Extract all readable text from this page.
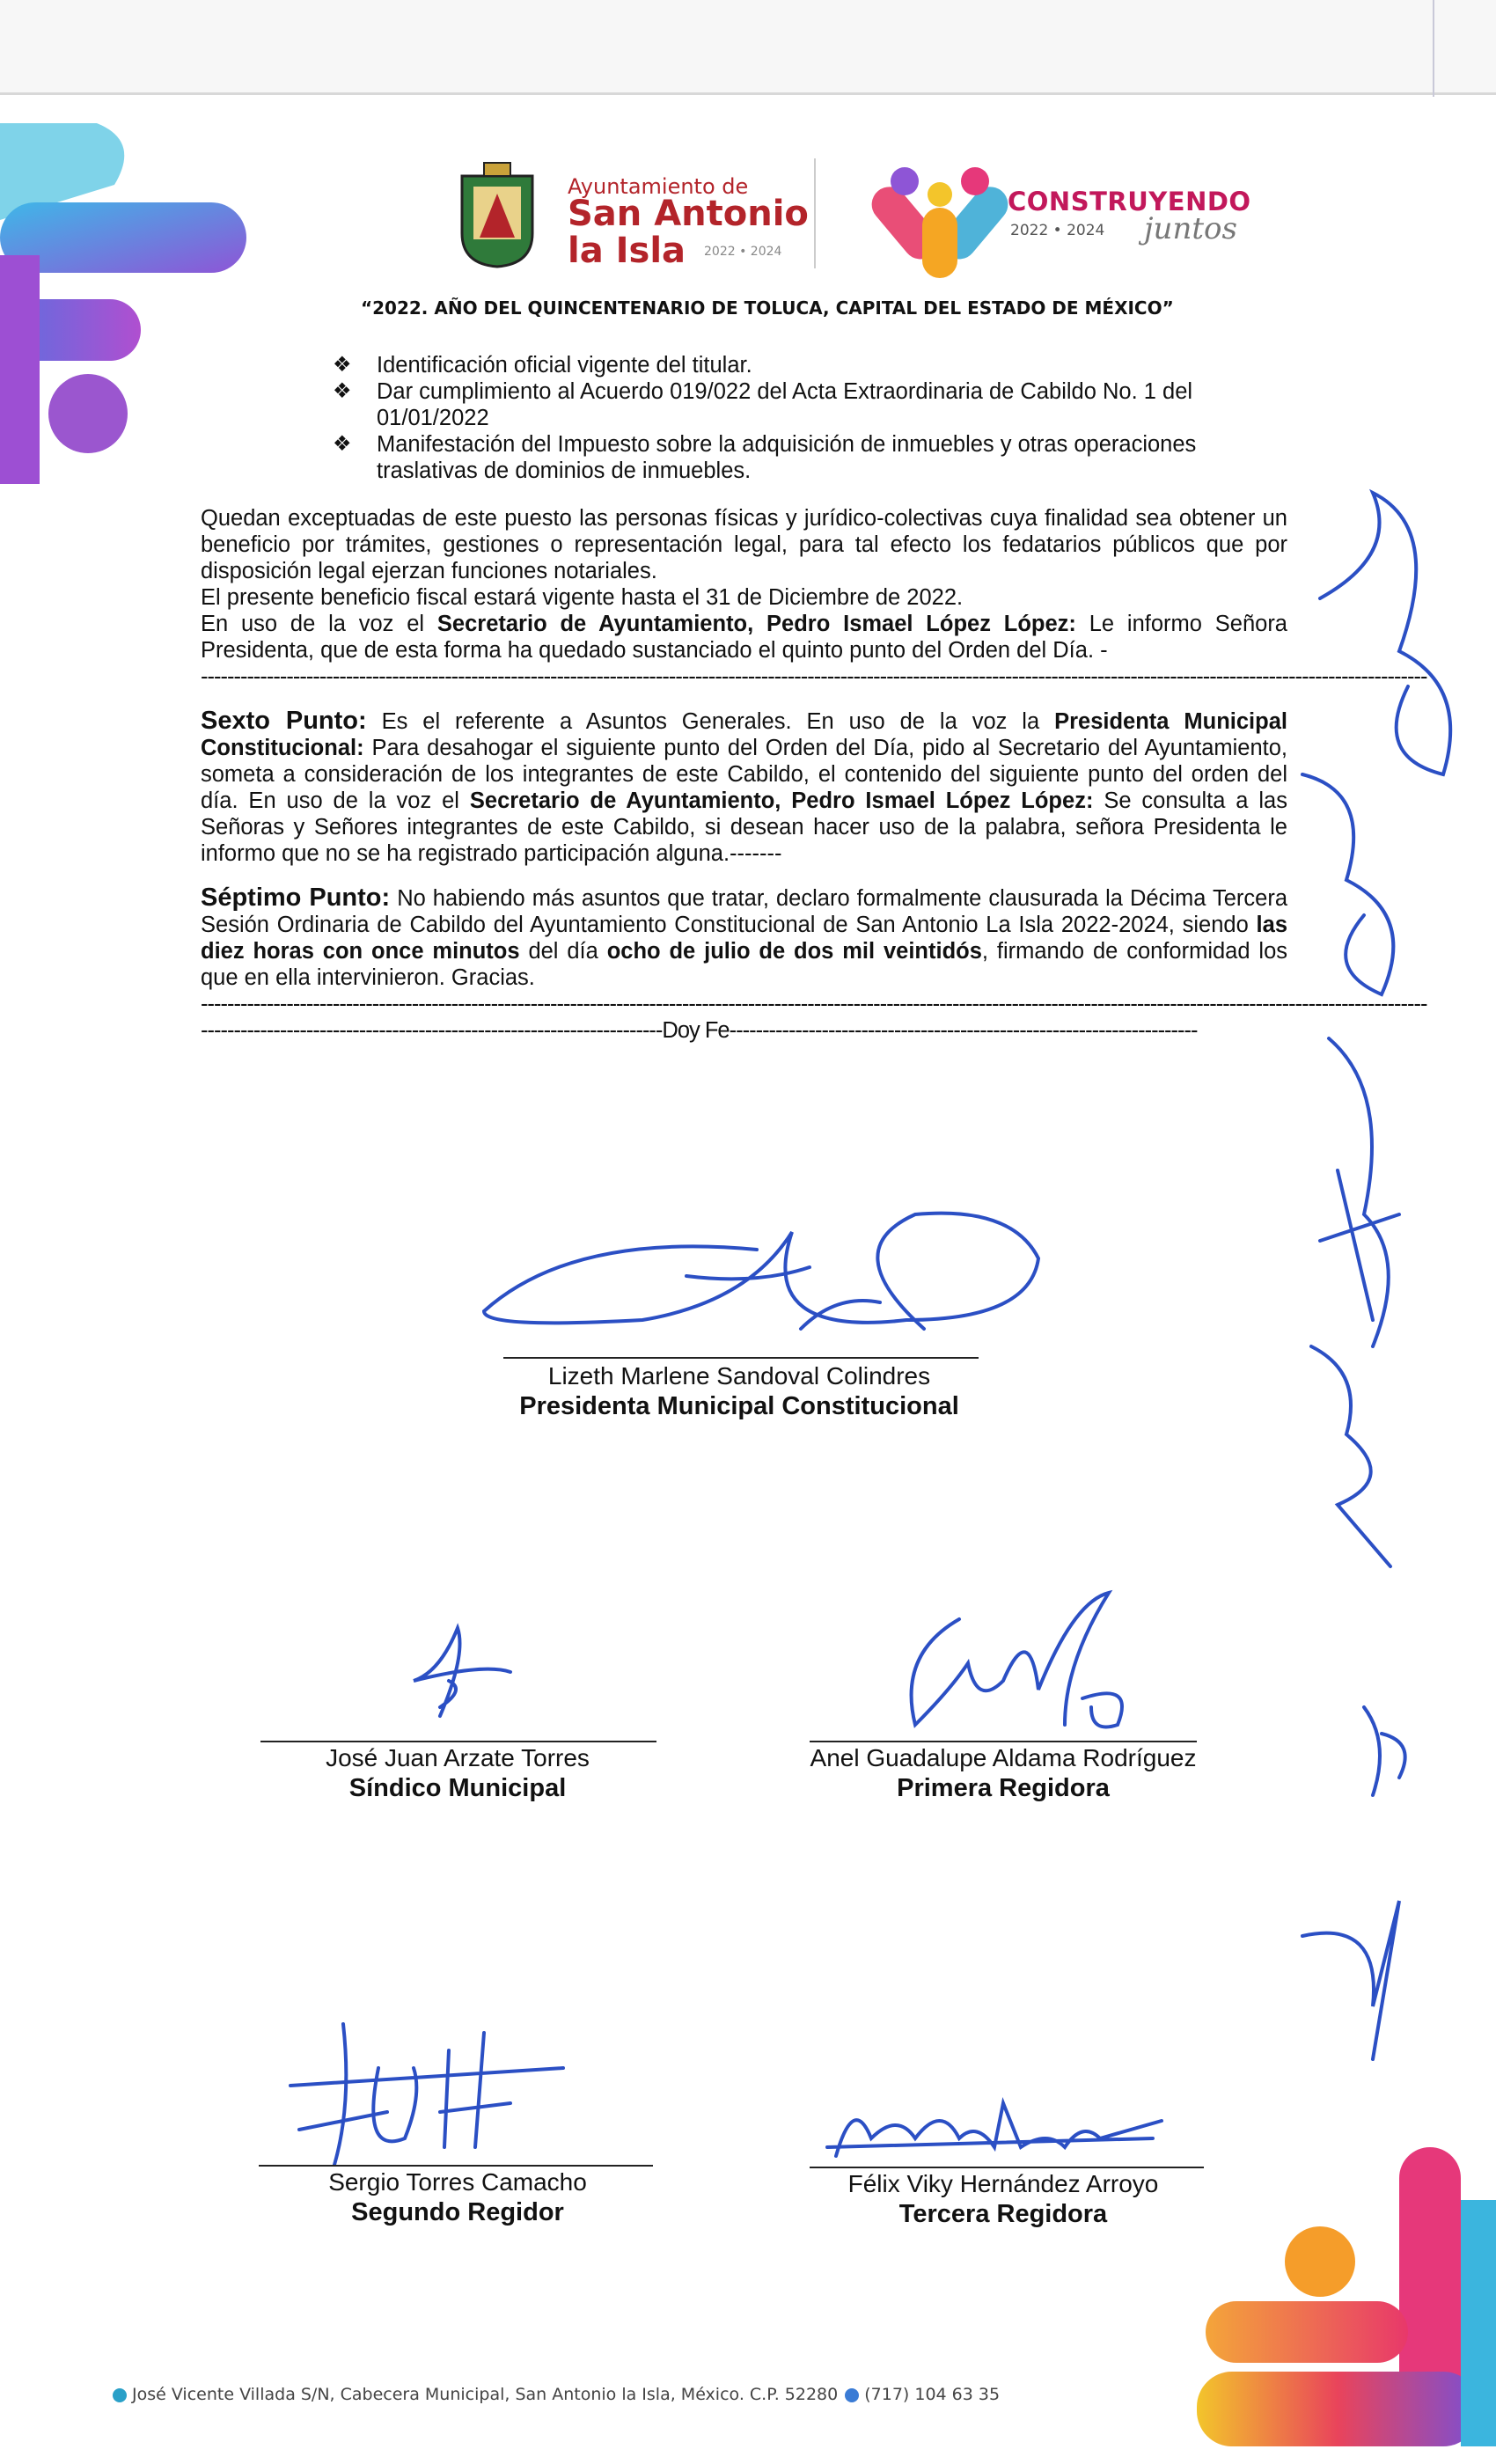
Ayuntamiento de
San Antonio
la Isla 2022 • 2024
CONSTRUYENDO
2022 • 2024 juntos
“2022. AÑO DEL QUINCENTENARIO DE TOLUCA, CAPITAL DEL ESTADO DE MÉXICO”
❖ Identificación oficial vigente del titular.
❖ Dar cumplimiento al Acuerdo 019/022 del Acta Extraordinaria de Cabildo No. 1 del 01/01/2022
❖ Manifestación del Impuesto sobre la adquisición de inmuebles y otras operaciones traslativas de dominios de inmuebles.

Quedan exceptuadas de este puesto las personas físicas y jurídico-colectivas cuya finalidad sea obtener un beneficio por trámites, gestiones o representación legal, para tal efecto los fedatarios públicos que por disposición legal ejerzan funciones notariales.

El presente beneficio fiscal estará vigente hasta el 31 de Diciembre de 2022.

En uso de la voz el Secretario de Ayuntamiento, Pedro Ismael López López: Le informo Señora Presidenta, que de esta forma ha quedado sustanciado el quinto punto del Orden del Día. -

------------------------------------------------------------------------------------------------------------------------------------------------------------------------------------------

Sexto Punto: Es el referente a Asuntos Generales. En uso de la voz la Presidenta Municipal Constitucional: Para desahogar el siguiente punto del Orden del Día, pido al Secretario del Ayuntamiento, someta a consideración de los integrantes de este Cabildo, el contenido del siguiente punto del orden del día. En uso de la voz el Secretario de Ayuntamiento, Pedro Ismael López López: Se consulta a las Señoras y Señores integrantes de este Cabildo, si desean hacer uso de la palabra, señora Presidenta le informo que no se ha registrado participación alguna.-------

Séptimo Punto: No habiendo más asuntos que tratar, declaro formalmente clausurada la Décima Tercera Sesión Ordinaria de Cabildo del Ayuntamiento Constitucional de San Antonio La Isla 2022-2024, siendo las diez horas con once minutos del día ocho de julio de dos mil veintidós, firmando de conformidad los que en ella intervinieron. Gracias.

------------------------------------------------------------------------------------------------------------------------------------------------------------------------------------------
----------------------------------------------------------------------Doy Fe-----------------------------------------------------------------------
Lizeth Marlene Sandoval Colindres
Presidenta Municipal Constitucional
José Juan Arzate Torres
Síndico Municipal
Anel Guadalupe Aldama Rodríguez
Primera Regidora
Sergio Torres Camacho
Segundo Regidor
Félix Viky Hernández Arroyo
Tercera Regidora
José Vicente Villada S/N, Cabecera Municipal, San Antonio la Isla, México. C.P. 52280 (717) 104 63 35
